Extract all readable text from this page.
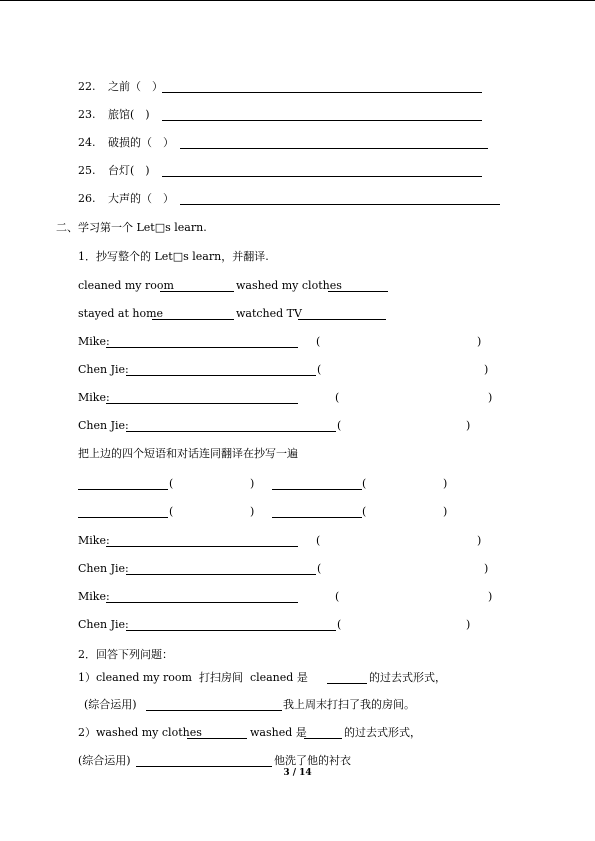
22. 之前（　）
23. 旅馆(　)
24. 破损的（　）
25. 台灯(　)
26. 大声的（　）
二、学习第一个 Let□s learn.
1．抄写整个的 Let□s learn，并翻译.
cleaned my room	washed my clothes
stayed at home	watched TV
Mike:	(	)
Chen Jie:	(	)
Mike:	(	)
Chen Jie:	(	)
把上边的四个短语和对话连同翻译在抄写一遍
(	)	(	)
(	)	(	)
Mike:	(	)
Chen Jie:	(	)
Mike:	(	)
Chen Jie:	(	)
2．回答下列问题：
1）cleaned my room  打扫房间  cleaned 是	的过去式形式，
(综合运用)	我上周末打扫了我的房间。
2）washed my clothes	washed 是	的过去式形式，
(综合运用)	他洗了他的衬衣
3 / 14
